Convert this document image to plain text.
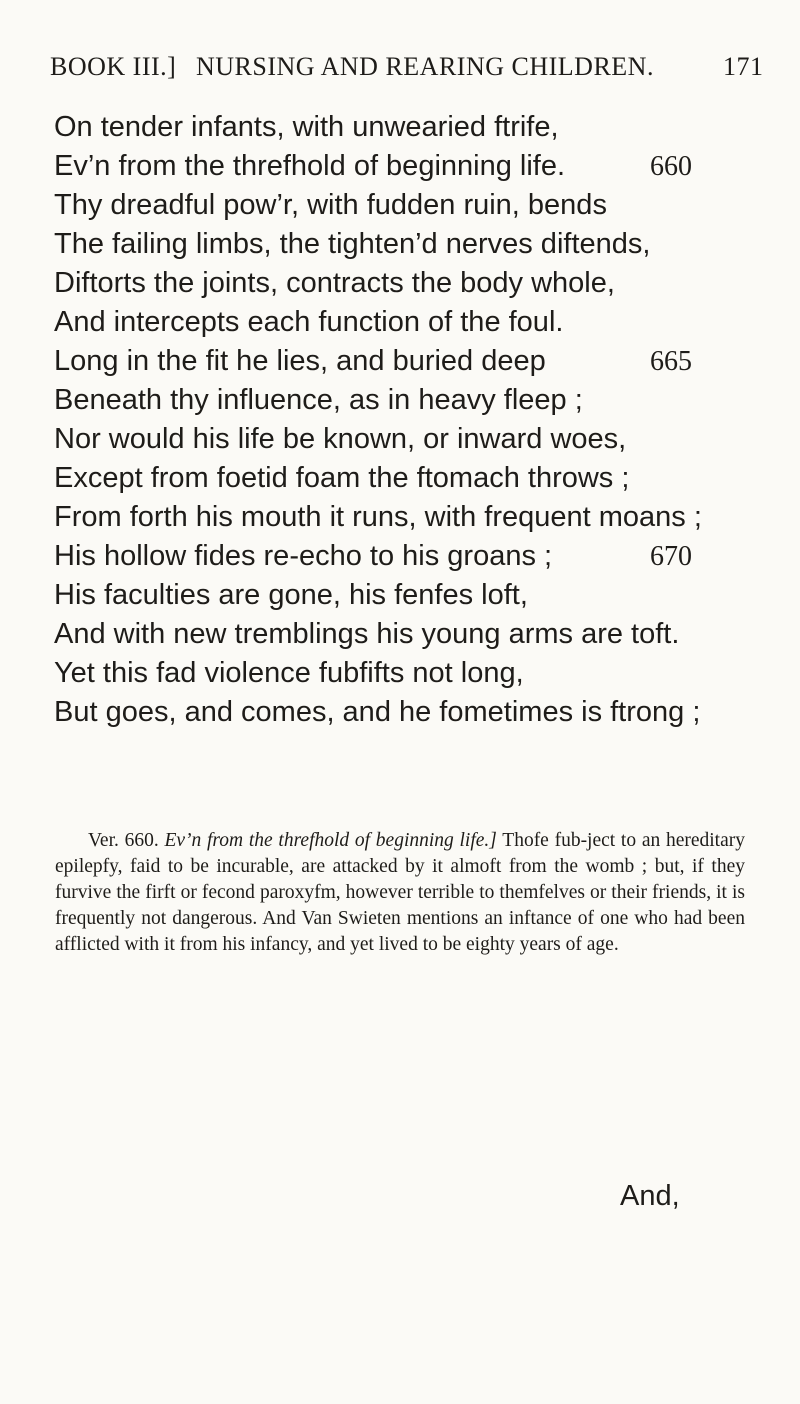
BOOK III.] NURSING AND REARING CHILDREN.	171
On tender infants, with unwearied ftrife,
Ev’n from the threfhold of beginning life.	660
Thy dreadful pow’r, with fudden ruin, bends
The failing limbs, the tighten’d nerves diftends,
Diftorts the joints, contracts the body whole,
And intercepts each function of the foul.
Long in the fit he lies, and buried deep	665
Beneath thy influence, as in heavy fleep ;
Nor would his life be known, or inward woes,
Except from foetid foam the ftomach throws ;
From forth his mouth it runs, with frequent moans ;
His hollow fides re-echo to his groans ;	670
His faculties are gone, his fenfes loft,
And with new tremblings his young arms are toft.
Yet this fad violence fubfifts not long,
But goes, and comes, and he fometimes is ftrong ;
Ver. 660. Ev’n from the threfhold of beginning life.] Thofe fub-ject to an hereditary epilepfy, faid to be incurable, are attacked by it almoft from the womb ; but, if they furvive the firft or fecond paroxyfm, however terrible to themfelves or their friends, it is frequently not dangerous. And Van Swieten mentions an inftance of one who had been afflicted with it from his infancy, and yet lived to be eighty years of age.
And,
